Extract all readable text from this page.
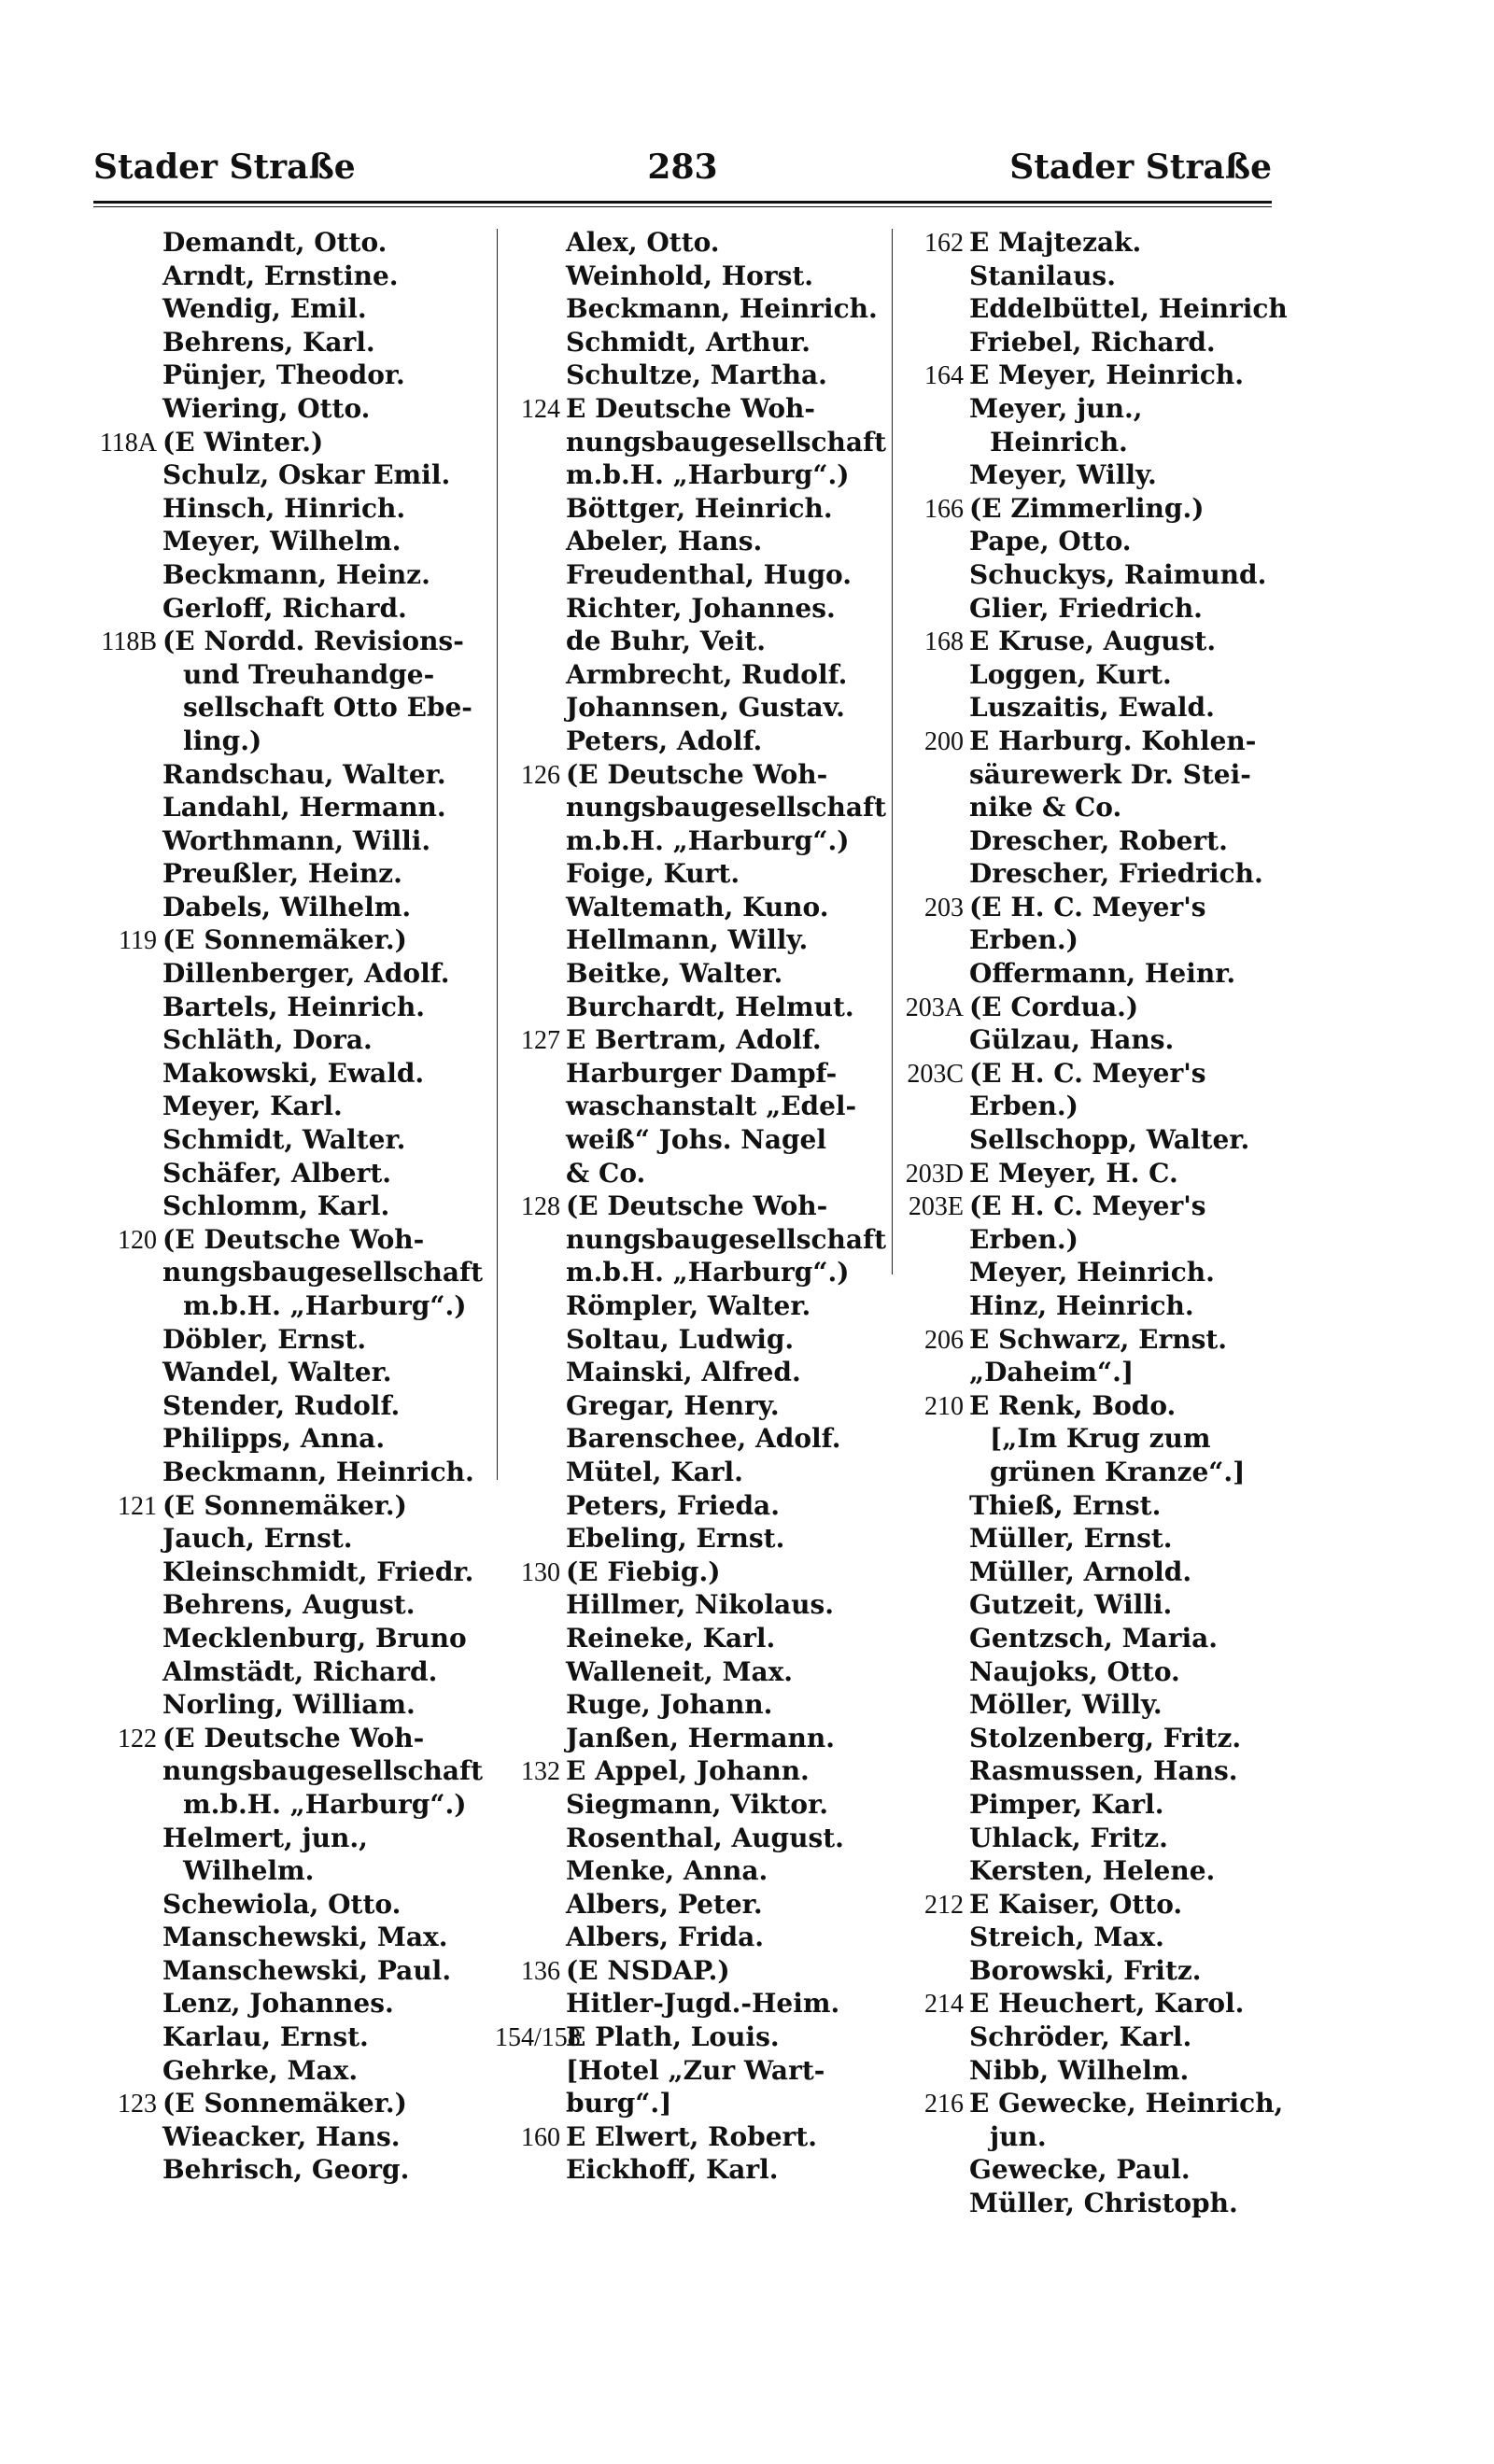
Stader Straße	283	Stader Straße
Demandt, Otto.
Arndt, Ernstine.
Wendig, Emil.
Behrens, Karl.
Pünjer, Theodor.
Wiering, Otto.
118A (E Winter.)
Schulz, Oskar Emil.
Hinsch, Hinrich.
Meyer, Wilhelm.
Beckmann, Heinz.
Gerloff, Richard.
118B (E Nordd. Revisions-
und Treuhandge-
sellschaft Otto Ebe-
ling.)
Randschau, Walter.
Landahl, Hermann.
Worthmann, Willi.
Preußler, Heinz.
Dabels, Wilhelm.
119 (E Sonnemäker.)
Dillenberger, Adolf.
Bartels, Heinrich.
Schläth, Dora.
Makowski, Ewald.
Meyer, Karl.
Schmidt, Walter.
Schäfer, Albert.
Schlomm, Karl.
120 (E Deutsche Woh-
nungsbaugesellschaft
m.b.H. „Harburg“.)
Döbler, Ernst.
Wandel, Walter.
Stender, Rudolf.
Philipps, Anna.
Beckmann, Heinrich.
121 (E Sonnemäker.)
Jauch, Ernst.
Kleinschmidt, Friedr.
Behrens, August.
Mecklenburg, Bruno
Almstädt, Richard.
Norling, William.
122 (E Deutsche Woh-
nungsbaugesellschaft
m.b.H. „Harburg“.)
Helmert, jun.,
Wilhelm.
Schewiola, Otto.
Manschewski, Max.
Manschewski, Paul.
Lenz, Johannes.
Karlau, Ernst.
Gehrke, Max.
123 (E Sonnemäker.)
Wieacker, Hans.
Behrisch, Georg.
Alex, Otto.
Weinhold, Horst.
Beckmann, Heinrich.
Schmidt, Arthur.
Schultze, Martha.
124 E Deutsche Woh-
nungsbaugesellschaft
m.b.H. „Harburg“.)
Böttger, Heinrich.
Abeler, Hans.
Freudenthal, Hugo.
Richter, Johannes.
de Buhr, Veit.
Armbrecht, Rudolf.
Johannsen, Gustav.
Peters, Adolf.
126 (E Deutsche Woh-
nungsbaugesellschaft
m.b.H. „Harburg“.)
Foige, Kurt.
Waltemath, Kuno.
Hellmann, Willy.
Beitke, Walter.
Burchardt, Helmut.
127 E Bertram, Adolf.
Harburger Dampf-
waschanstalt „Edel-
weiß“ Johs. Nagel
& Co.
128 (E Deutsche Woh-
nungsbaugesellschaft
m.b.H. „Harburg“.)
Römpler, Walter.
Soltau, Ludwig.
Mainski, Alfred.
Gregar, Henry.
Barenschee, Adolf.
Mütel, Karl.
Peters, Frieda.
Ebeling, Ernst.
130 (E Fiebig.)
Hillmer, Nikolaus.
Reineke, Karl.
Walleneit, Max.
Ruge, Johann.
Janßen, Hermann.
132 E Appel, Johann.
Siegmann, Viktor.
Rosenthal, August.
Menke, Anna.
Albers, Peter.
Albers, Frida.
136 (E NSDAP.)
Hitler-Jugd.-Heim.
154/158E Plath, Louis.
[Hotel „Zur Wart-
burg“.]
160 E Elwert, Robert.
Eickhoff, Karl.
162 E Majtezak.
Stanilaus.
Eddelbüttel, Heinrich
Friebel, Richard.
164 E Meyer, Heinrich.
Meyer, jun.,
Heinrich.
Meyer, Willy.
166 (E Zimmerling.)
Pape, Otto.
Schuckys, Raimund.
Glier, Friedrich.
168 E Kruse, August.
Loggen, Kurt.
Luszaitis, Ewald.
200 E Harburg. Kohlen-
säurewerk Dr. Stei-
nike & Co.
Drescher, Robert.
Drescher, Friedrich.
203 (E H. C. Meyer's
Erben.)
Offermann, Heinr.
203A (E Cordua.)
Gülzau, Hans.
203C (E H. C. Meyer's
Erben.)
Sellschopp, Walter.
203D E Meyer, H. C.
203E (E H. C. Meyer's
Erben.)
Meyer, Heinrich.
Hinz, Heinrich.
206 E Schwarz, Ernst.
„Daheim“.]
210 E Renk, Bodo.
[„Im Krug zum
grünen Kranze“.]
Thieß, Ernst.
Müller, Ernst.
Müller, Arnold.
Gutzeit, Willi.
Gentzsch, Maria.
Naujoks, Otto.
Möller, Willy.
Stolzenberg, Fritz.
Rasmussen, Hans.
Pimper, Karl.
Uhlack, Fritz.
Kersten, Helene.
212 E Kaiser, Otto.
Streich, Max.
Borowski, Fritz.
214 E Heuchert, Karol.
Schröder, Karl.
Nibb, Wilhelm.
216 E Gewecke, Heinrich,
jun.
Gewecke, Paul.
Müller, Christoph.
